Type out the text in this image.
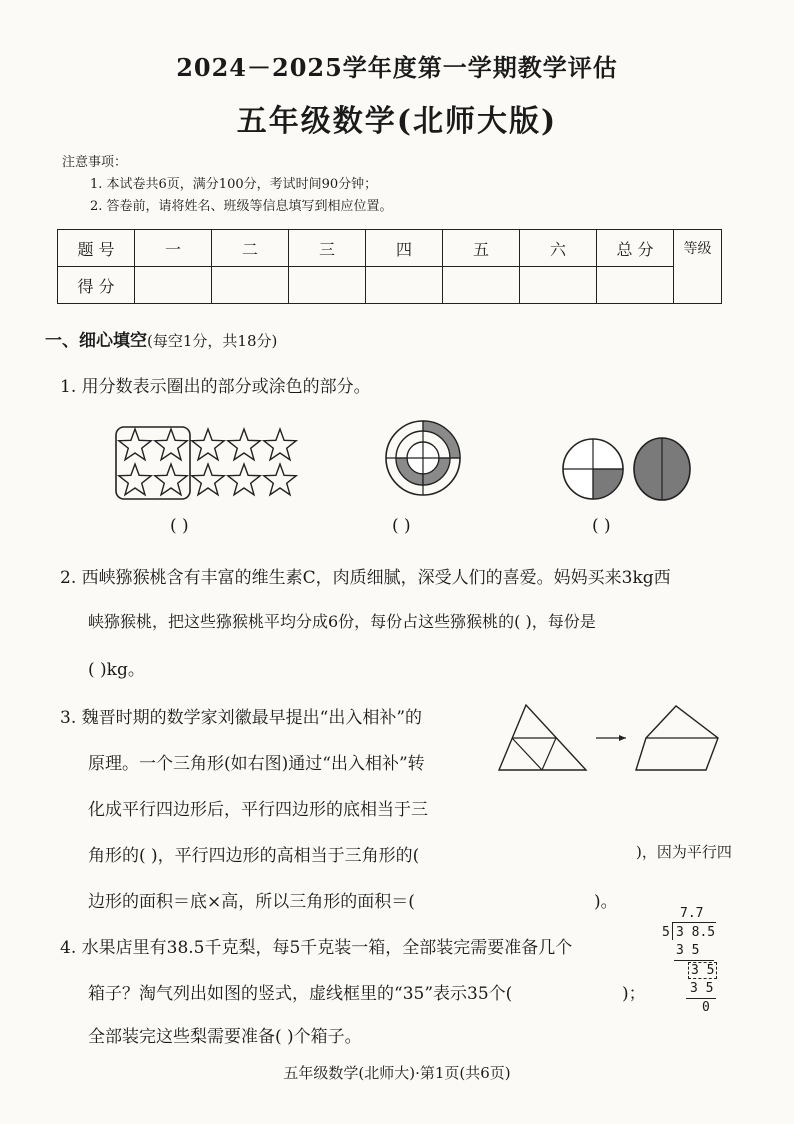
2024－2025学年度第一学期教学评估
五年级数学(北师大版)
注意事项：
1. 本试卷共6页，满分100分，考试时间90分钟；
2. 答卷前，请将姓名、班级等信息填写到相应位置。
题 号	一	二	三	四	五	六	总 分	等级
得 分								
一、细心填空(每空1分，共18分)
1. 用分数表示圈出的部分或涂色的部分。
( )	( )	( )
2. 西峡猕猴桃含有丰富的维生素C，肉质细腻，深受人们的喜爱。妈妈买来3kg西
峡猕猴桃，把这些猕猴桃平均分成6份，每份占这些猕猴桃的( )，每份是
( )kg。
3. 魏晋时期的数学家刘徽最早提出“出入相补”的
原理。一个三角形(如右图)通过“出入相补”转
化成平行四边形后，平行四边形的底相当于三
角形的( )，平行四边形的高相当于三角形的(	)，因为平行四
边形的面积＝底×高，所以三角形的面积＝(	)。
4. 水果店里有38.5千克梨，每5千克装一箱，全部装完需要准备几个
箱子？淘气列出如图的竖式，虚线框里的“35”表示35个(	)；
全部装完这些梨需要准备( )个箱子。
7.7
5 3 8.5
3 5
3 5
3 5
0
五年级数学(北师大)·第1页(共6页)
